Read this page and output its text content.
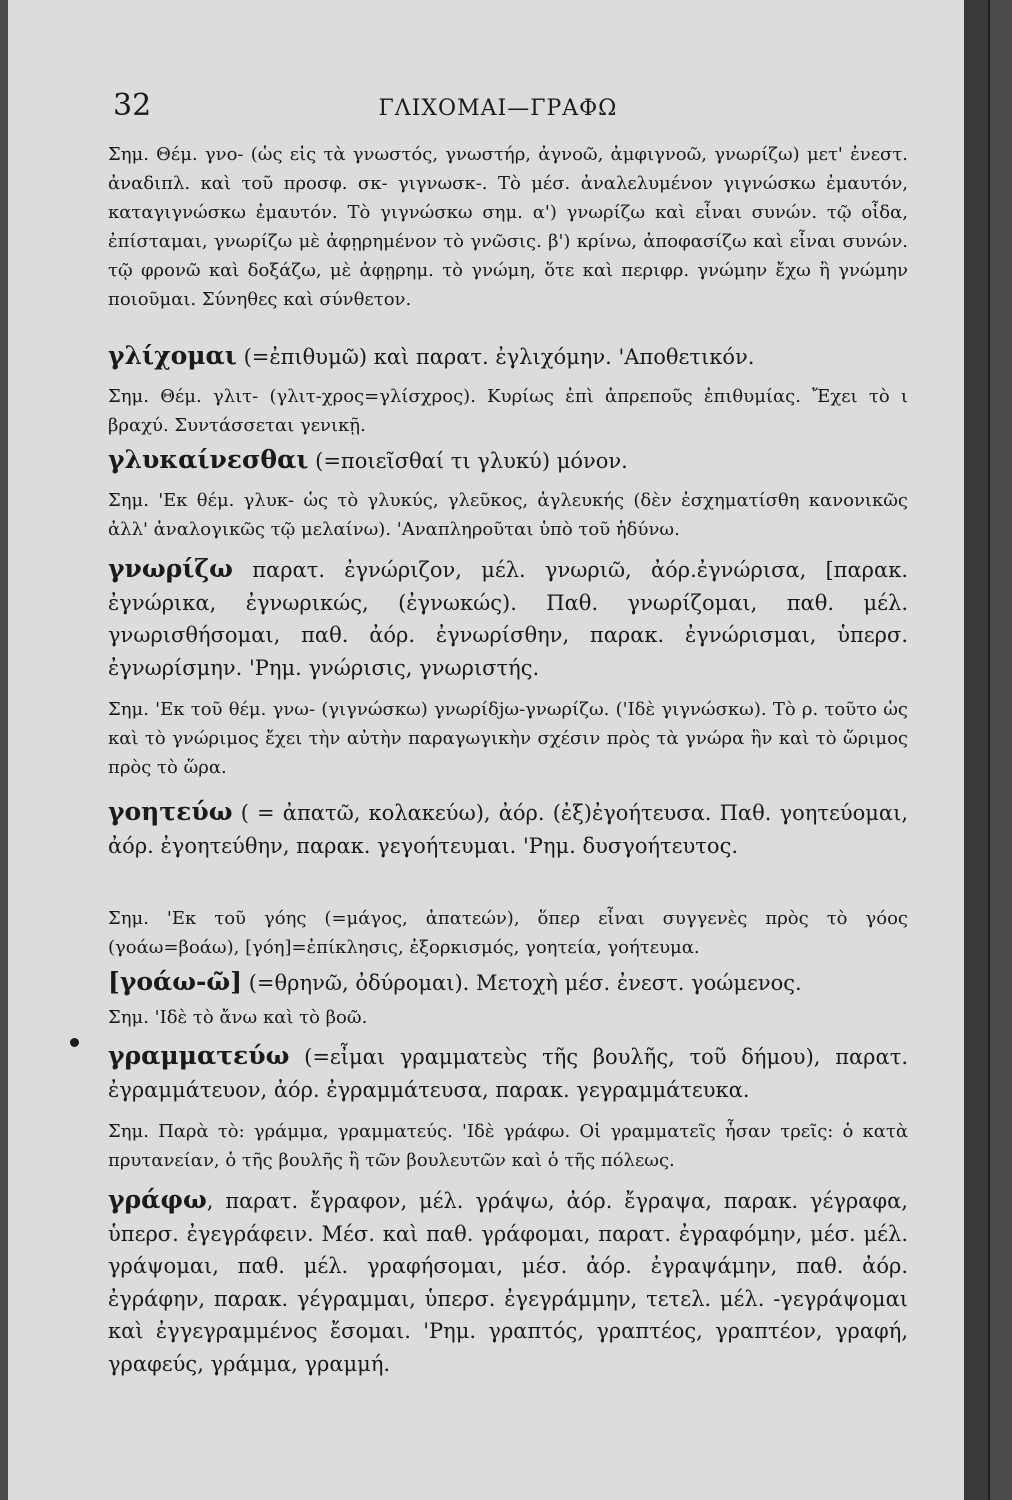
32	ΓΛΙΧΟΜΑΙ—ΓΡΑΦΩ

Σημ. Θέμ. γνο- (ὡς εἰς τὰ γνωστός, γνωστήρ, ἀγνοῶ, ἀμφιγνοῶ, γνωρίζω) μετ' ἐνεστ. ἀναδιπλ. καὶ τοῦ προσφ. σκ- γιγνωσκ-. Τὸ μέσ. ἀναλελυμένον γιγνώσκω ἐμαυτόν, καταγιγνώσκω ἐμαυτόν. Τὸ γιγνώσκω σημ. α') γνωρίζω καὶ εἶναι συνών. τῷ οἶδα, ἐπίσταμαι, γνωρίζω μὲ ἀφῃρημένον τὸ γνῶσις. β') κρίνω, ἀποφασίζω καὶ εἶναι συνών. τῷ φρονῶ καὶ δοξάζω, μὲ ἀφῃρημ. τὸ γνώμη, ὅτε καὶ περιφρ. γνώμην ἔχω ἢ γνώμην ποιοῦμαι. Σύνηθες καὶ σύνθετον.

γλίχομαι (=ἐπιθυμῶ) καὶ παρατ. ἐγλιχόμην. 'Αποθετικόν.

Σημ. Θέμ. γλιτ- (γλιτ-χρος=γλίσχρος). Κυρίως ἐπὶ ἀπρεποῦς ἐπιθυμίας. Ἔχει τὸ ι βραχύ. Συντάσσεται γενικῇ.

γλυκαίνεσθαι (=ποιεῖσθαί τι γλυκύ) μόνον.

Σημ. 'Εκ θέμ. γλυκ- ὡς τὸ γλυκύς, γλεῦκος, ἀγλευκής (δὲν ἐσχηματίσθη κανονικῶς ἀλλ' ἀναλογικῶς τῷ μελαίνω). 'Αναπληροῦται ὑπὸ τοῦ ἡδύνω.

γνωρίζω παρατ. ἐγνώριζον, μέλ. γνωριῶ, ἀόρ.ἐγνώρισα, [παρακ. ἐγνώρικα, ἐγνωρικώς, (ἐγνωκώς). Παθ. γνωρίζομαι, παθ. μέλ. γνωρισθήσομαι, παθ. ἀόρ. ἐγνωρίσθην, παρακ. ἐγνώρισμαι, ὑπερσ. ἐγνωρίσμην. 'Ρημ. γνώρισις, γνωριστής.

Σημ. 'Εκ τοῦ θέμ. γνω- (γιγνώσκω) γνωρίδjω-γνωρίζω. ('Ιδὲ γιγνώσκω). Τὸ ρ. τοῦτο ὡς καὶ τὸ γνώριμος ἔχει τὴν αὐτὴν παραγωγικὴν σχέσιν πρὸς τὰ γνώρα ἣν καὶ τὸ ὥριμος πρὸς τὸ ὥρα.

γοητεύω ( = ἀπατῶ, κολακεύω), ἀόρ. (ἐξ)ἐγοήτευσα. Παθ. γοητεύομαι, ἀόρ. ἐγοητεύθην, παρακ. γεγοήτευμαι. 'Ρημ. δυσγοήτευτος.

Σημ. 'Εκ τοῦ γόης (=μάγος, ἀπατεών), ὅπερ εἶναι συγγενὲς πρὸς τὸ γόος (γοάω=βοάω), [γόη]=ἐπίκλησις, ἐξορκισμός, γοητεία, γοήτευμα.

[γοάω-ῶ] (=θρηνῶ, ὀδύρομαι). Μετοχὴ μέσ. ἐνεστ. γοώμενος.

Σημ. 'Ιδὲ τὸ ἄνω καὶ τὸ βοῶ.

γραμματεύω (=εἶμαι γραμματεὺς τῆς βουλῆς, τοῦ δήμου), παρατ. ἐγραμμάτευον, ἀόρ. ἐγραμμάτευσα, παρακ. γεγραμμάτευκα.

Σημ. Παρὰ τὸ: γράμμα, γραμματεύς. 'Ιδὲ γράφω. Οἱ γραμματεῖς ἦσαν τρεῖς: ὁ κατὰ πρυτανείαν, ὁ τῆς βουλῆς ἢ τῶν βουλευτῶν καὶ ὁ τῆς πόλεως.

γράφω, παρατ. ἔγραφον, μέλ. γράψω, ἀόρ. ἔγραψα, παρακ. γέγραφα, ὑπερσ. ἐγεγράφειν. Μέσ. καὶ παθ. γράφομαι, παρατ. ἐγραφόμην, μέσ. μέλ. γράψομαι, παθ. μέλ. γραφήσομαι, μέσ. ἀόρ. ἐγραψάμην, παθ. ἀόρ. ἐγράφην, παρακ. γέγραμμαι, ὑπερσ. ἐγεγράμμην, τετελ. μέλ. -γεγράψομαι καὶ ἐγγεγραμμένος ἔσομαι. 'Ρημ. γραπτός, γραπτέος, γραπτέον, γραφή, γραφεύς, γράμμα, γραμμή.
